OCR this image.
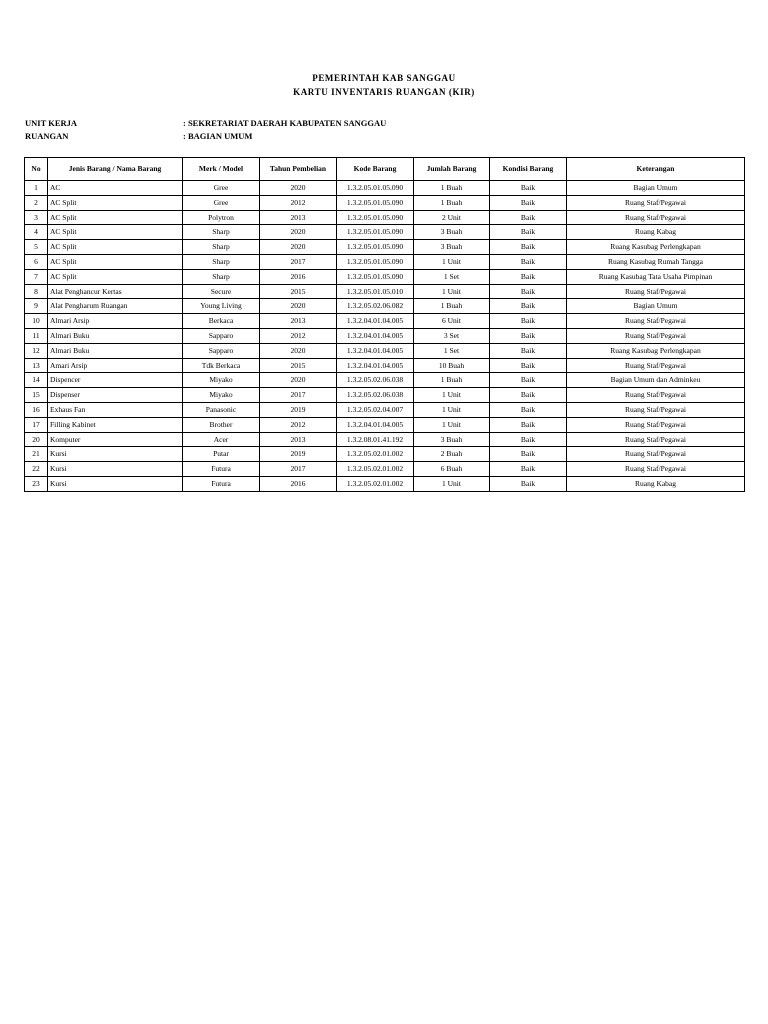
PEMERINTAH KAB SANGGAU
KARTU INVENTARIS RUANGAN (KIR)
UNIT KERJA	: SEKRETARIAT DAERAH KABUPATEN SANGGAU
RUANGAN	: BAGIAN UMUM
No	Jenis Barang / Nama Barang	Merk / Model	Tahun Pembelian	Kode Barang	Jumlah Barang	Kondisi Barang	Keterangan
1	AC	Gree	2020	1.3.2.05.01.05.090	1 Buah	Baik	Bagian Umum
2	AC Split	Gree	2012	1.3.2.05.01.05.090	1 Buah	Baik	Ruang Staf/Pegawai
3	AC Split	Polytron	2013	1.3.2.05.01.05.090	2 Unit	Baik	Ruang Staf/Pegawai
4	AC Split	Sharp	2020	1.3.2.05.01.05.090	3 Buah	Baik	Ruang Kabag
5	AC Split	Sharp	2020	1.3.2.05.01.05.090	3 Buah	Baik	Ruang Kasubag Perlengkapan
6	AC Split	Sharp	2017	1.3.2.05.01.05.090	1 Unit	Baik	Ruang Kasubag Rumah Tangga
7	AC Split	Sharp	2016	1.3.2.05.01.05.090	1 Set	Baik	Ruang Kasubag Tata Usaha Pimpinan
8	Alat Penghancur Kertas	Secure	2015	1.3.2.05.01.05.010	1 Unit	Baik	Ruang Staf/Pegawai
9	Alat Pengharum Ruangan	Young Living	2020	1.3.2.05.02.06.082	1 Buah	Baik	Bagian Umum
10	Almari Arsip	Berkaca	2013	1.3.2.04.01.04.005	6 Unit	Baik	Ruang Staf/Pegawai
11	Almari Buku	Sapparo	2012	1.3.2.04.01.04.005	3 Set	Baik	Ruang Staf/Pegawai
12	Almari Buku	Sapparo	2020	1.3.2.04.01.04.005	1 Set	Baik	Ruang Kasubag Perlengkapan
13	Amari Arsip	Tdk Berkaca	2015	1.3.2.04.01.04.005	10 Buah	Baik	Ruang Staf/Pegawai
14	Dispencer	Miyako	2020	1.3.2.05.02.06.038	1 Buah	Baik	Bagian Umum dan Adminkeu
15	Dispenser	Miyako	2017	1.3.2.05.02.06.038	1 Unit	Baik	Ruang Staf/Pegawai
16	Exhaus Fan	Panasonic	2019	1.3.2.05.02.04.007	1 Unit	Baik	Ruang Staf/Pegawai
17	Filling Kabinet	Brother	2012	1.3.2.04.01.04.005	1 Unit	Baik	Ruang Staf/Pegawai
20	Komputer	Acer	2013	1.3.2.08.01.41.192	3 Buah	Baik	Ruang Staf/Pegawai
21	Kursi	Putar	2019	1.3.2.05.02.01.002	2 Buah	Baik	Ruang Staf/Pegawai
22	Kursi	Futura	2017	1.3.2.05.02.01.002	6 Buah	Baik	Ruang Staf/Pegawai
23	Kursi	Futura	2016	1.3.2.05.02.01.002	1 Unit	Baik	Ruang Kabag
